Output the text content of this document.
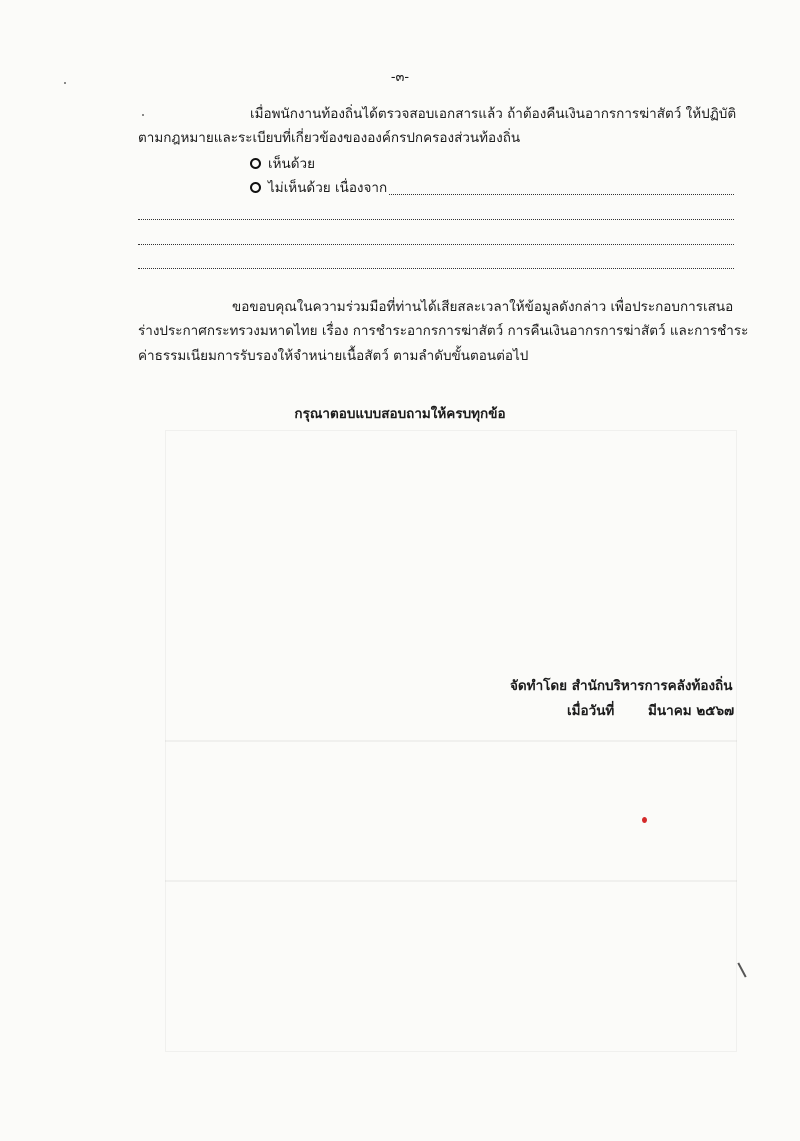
-๓-
เมื่อพนักงานท้องถิ่นได้ตรวจสอบเอกสารแล้ว ถ้าต้องคืนเงินอากรการฆ่าสัตว์ ให้ปฏิบัติ
ตามกฎหมายและระเบียบที่เกี่ยวข้องขององค์กรปกครองส่วนท้องถิ่น
เห็นด้วย
ไม่เห็นด้วย เนื่องจาก
ขอขอบคุณในความร่วมมือที่ท่านได้เสียสละเวลาให้ข้อมูลดังกล่าว เพื่อประกอบการเสนอ
ร่างประกาศกระทรวงมหาดไทย เรื่อง การชำระอากรการฆ่าสัตว์ การคืนเงินอากรการฆ่าสัตว์ และการชำระ
ค่าธรรมเนียมการรับรองให้จำหน่ายเนื้อสัตว์ ตามลำดับขั้นตอนต่อไป
กรุณาตอบแบบสอบถามให้ครบทุกข้อ
จัดทำโดย สำนักบริหารการคลังท้องถิ่น
เมื่อวันที่ มีนาคม ๒๕๖๗
